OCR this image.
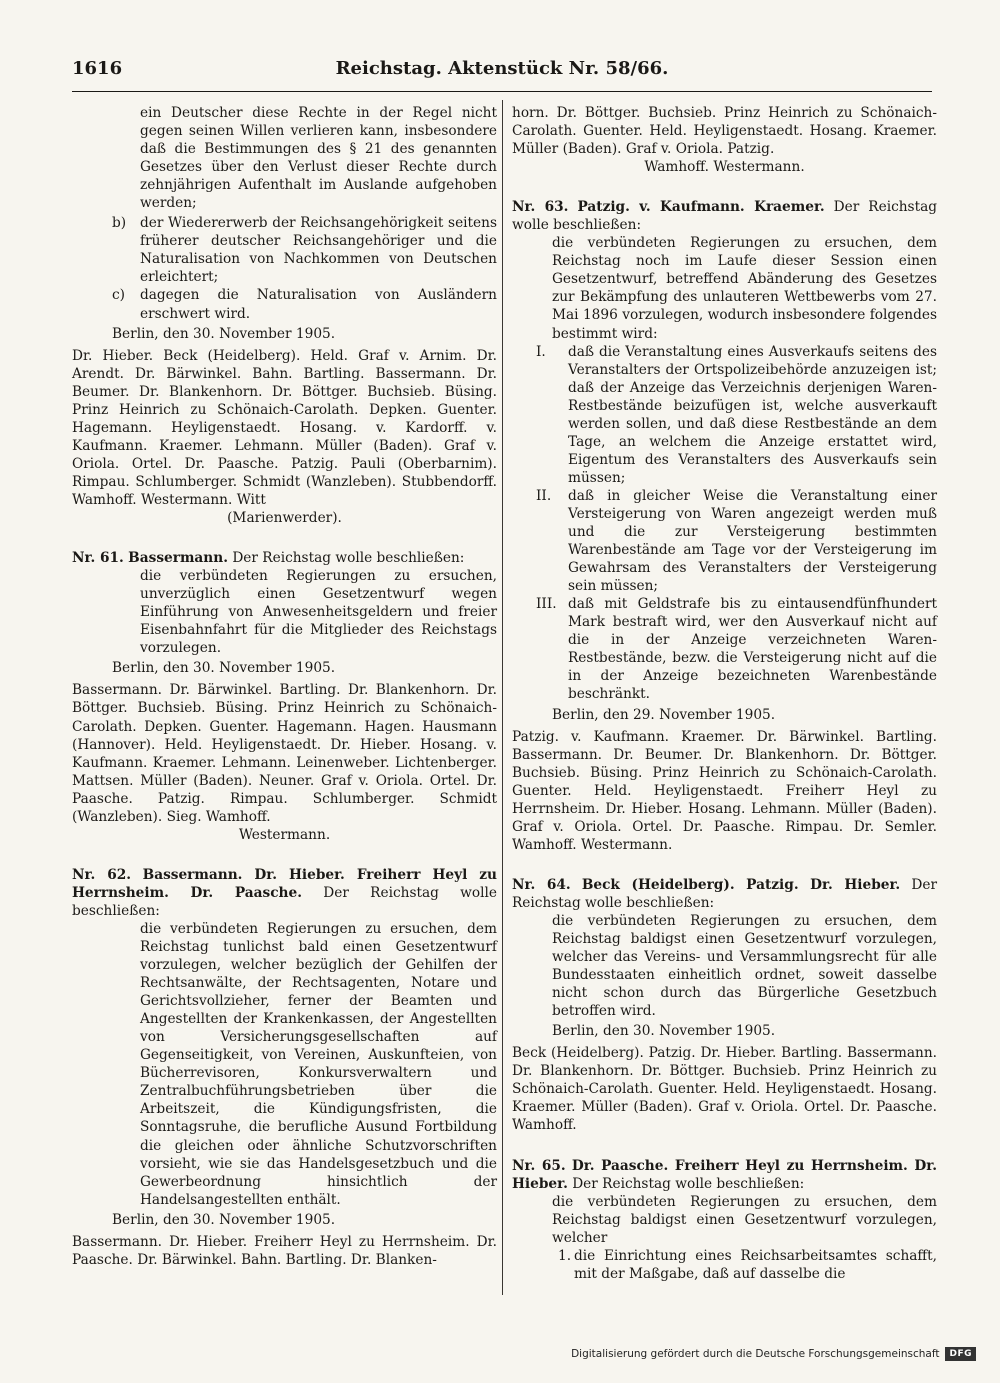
1616	Reichstag. Aktenstück Nr. 58/66.

ein Deutscher diese Rechte in der Regel nicht gegen seinen Willen verlieren kann, insbesondere daß die Bestimmungen des § 21 des genannten Gesetzes über den Verlust dieser Rechte durch zehnjährigen Aufenthalt im Auslande aufgehoben werden;

b) der Wiedererwerb der Reichsangehörigkeit seitens früherer deutscher Reichsangehöriger und die Naturalisation von Nachkommen von Deutschen erleichtert;

c) dagegen die Naturalisation von Ausländern erschwert wird.

Berlin, den 30. November 1905.

Dr. Hieber. Beck (Heidelberg). Held. Graf v. Arnim. Dr. Arendt. Dr. Bärwinkel. Bahn. Bartling. Bassermann. Dr. Beumer. Dr. Blankenhorn. Dr. Böttger. Buchsieb. Büsing. Prinz Heinrich zu Schönaich-Carolath. Depken. Guenter. Hagemann. Heyligenstaedt. Hosang. v. Kardorff. v. Kaufmann. Kraemer. Lehmann. Müller (Baden). Graf v. Oriola. Ortel. Dr. Paasche. Patzig. Pauli (Oberbarnim). Rimpau. Schlumberger. Schmidt (Wanzleben). Stubbendorff. Wamhoff. Westermann. Witt

(Marienwerder).

Nr. 61. Bassermann. Der Reichstag wolle beschließen:

die verbündeten Regierungen zu ersuchen, unverzüglich einen Gesetzentwurf wegen Einführung von Anwesenheitsgeldern und freier Eisenbahnfahrt für die Mitglieder des Reichstags vorzulegen.

Berlin, den 30. November 1905.

Bassermann. Dr. Bärwinkel. Bartling. Dr. Blankenhorn. Dr. Böttger. Buchsieb. Büsing. Prinz Heinrich zu Schönaich-Carolath. Depken. Guenter. Hagemann. Hagen. Hausmann (Hannover). Held. Heyligenstaedt. Dr. Hieber. Hosang. v. Kaufmann. Kraemer. Lehmann. Leinenweber. Lichtenberger. Mattsen. Müller (Baden). Neuner. Graf v. Oriola. Ortel. Dr. Paasche. Patzig. Rimpau. Schlumberger. Schmidt (Wanzleben). Sieg. Wamhoff.

Westermann.

Nr. 62. Bassermann. Dr. Hieber. Freiherr Heyl zu Herrnsheim. Dr. Paasche. Der Reichstag wolle beschließen:

die verbündeten Regierungen zu ersuchen, dem Reichstag tunlichst bald einen Gesetzentwurf vorzulegen, welcher bezüglich der Gehilfen der Rechtsanwälte, der Rechtsagenten, Notare und Gerichtsvollzieher, ferner der Beamten und Angestellten der Krankenkassen, der Angestellten von Versicherungsgesellschaften auf Gegenseitigkeit, von Vereinen, Auskunfteien, von Bücherrevisoren, Konkursverwaltern und Zentralbuchführungsbetrieben über die Arbeitszeit, die Kündigungsfristen, die Sonntagsruhe, die berufliche Ausund Fortbildung die gleichen oder ähnliche Schutzvorschriften vorsieht, wie sie das Handelsgesetzbuch und die Gewerbeordnung hinsichtlich der Handelsangestellten enthält.

Berlin, den 30. November 1905.

Bassermann. Dr. Hieber. Freiherr Heyl zu Herrnsheim. Dr. Paasche. Dr. Bärwinkel. Bahn. Bartling. Dr. Blanken-

horn. Dr. Böttger. Buchsieb. Prinz Heinrich zu Schönaich-Carolath. Guenter. Held. Heyligenstaedt. Hosang. Kraemer. Müller (Baden). Graf v. Oriola. Patzig.

Wamhoff. Westermann.

Nr. 63. Patzig. v. Kaufmann. Kraemer. Der Reichstag wolle beschließen:

die verbündeten Regierungen zu ersuchen, dem Reichstag noch im Laufe dieser Session einen Gesetzentwurf, betreffend Abänderung des Gesetzes zur Bekämpfung des unlauteren Wettbewerbs vom 27. Mai 1896 vorzulegen, wodurch insbesondere folgendes bestimmt wird:

I. daß die Veranstaltung eines Ausverkaufs seitens des Veranstalters der Ortspolizeibehörde anzuzeigen ist; daß der Anzeige das Verzeichnis derjenigen Waren-Restbestände beizufügen ist, welche ausverkauft werden sollen, und daß diese Restbestände an dem Tage, an welchem die Anzeige erstattet wird, Eigentum des Veranstalters des Ausverkaufs sein müssen;

II. daß in gleicher Weise die Veranstaltung einer Versteigerung von Waren angezeigt werden muß und die zur Versteigerung bestimmten Warenbestände am Tage vor der Versteigerung im Gewahrsam des Veranstalters der Versteigerung sein müssen;

III. daß mit Geldstrafe bis zu eintausendfünfhundert Mark bestraft wird, wer den Ausverkauf nicht auf die in der Anzeige verzeichneten Waren-Restbestände, bezw. die Versteigerung nicht auf die in der Anzeige bezeichneten Warenbestände beschränkt.

Berlin, den 29. November 1905.

Patzig. v. Kaufmann. Kraemer. Dr. Bärwinkel. Bartling. Bassermann. Dr. Beumer. Dr. Blankenhorn. Dr. Böttger. Buchsieb. Büsing. Prinz Heinrich zu Schönaich-Carolath. Guenter. Held. Heyligenstaedt. Freiherr Heyl zu Herrnsheim. Dr. Hieber. Hosang. Lehmann. Müller (Baden). Graf v. Oriola. Ortel. Dr. Paasche. Rimpau. Dr. Semler. Wamhoff. Westermann.

Nr. 64. Beck (Heidelberg). Patzig. Dr. Hieber. Der Reichstag wolle beschließen:

die verbündeten Regierungen zu ersuchen, dem Reichstag baldigst einen Gesetzentwurf vorzulegen, welcher das Vereins- und Versammlungsrecht für alle Bundesstaaten einheitlich ordnet, soweit dasselbe nicht schon durch das Bürgerliche Gesetzbuch betroffen wird.

Berlin, den 30. November 1905.

Beck (Heidelberg). Patzig. Dr. Hieber. Bartling. Bassermann. Dr. Blankenhorn. Dr. Böttger. Buchsieb. Prinz Heinrich zu Schönaich-Carolath. Guenter. Held. Heyligenstaedt. Hosang. Kraemer. Müller (Baden). Graf v. Oriola. Ortel. Dr. Paasche. Wamhoff.

Nr. 65. Dr. Paasche. Freiherr Heyl zu Herrnsheim. Dr. Hieber. Der Reichstag wolle beschließen:

die verbündeten Regierungen zu ersuchen, dem Reichstag baldigst einen Gesetzentwurf vorzulegen, welcher

1. die Einrichtung eines Reichsarbeitsamtes schafft, mit der Maßgabe, daß auf dasselbe die

Digitalisierung gefördert durch die Deutsche Forschungsgemeinschaft	DFG
